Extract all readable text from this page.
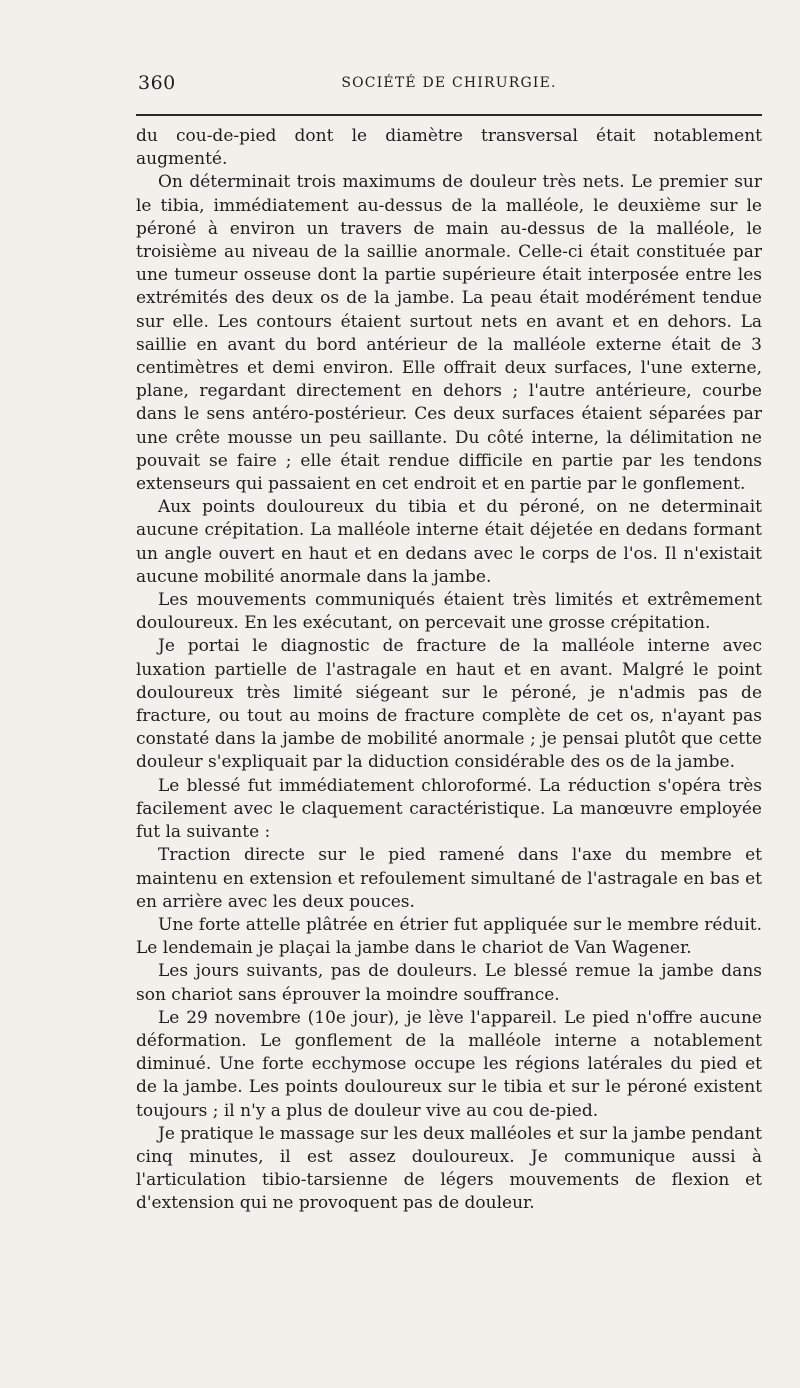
360	SOCIÉTÉ DE CHIRURGIE.

du cou-de-pied dont le diamètre transversal était notablement augmenté.

On déterminait trois maximums de douleur très nets. Le premier sur le tibia, immédiatement au-dessus de la malléole, le deuxième sur le péroné à environ un travers de main au-dessus de la malléole, le troisième au niveau de la saillie anormale. Celle-ci était constituée par une tumeur osseuse dont la partie supérieure était interposée entre les extrémités des deux os de la jambe. La peau était modérément tendue sur elle. Les contours étaient surtout nets en avant et en dehors. La saillie en avant du bord antérieur de la malléole externe était de 3 centimètres et demi environ. Elle offrait deux surfaces, l'une externe, plane, regardant directement en dehors ; l'autre antérieure, courbe dans le sens antéro-postérieur. Ces deux surfaces étaient séparées par une crête mousse un peu saillante. Du côté interne, la délimitation ne pouvait se faire ; elle était rendue difficile en partie par les tendons extenseurs qui passaient en cet endroit et en partie par le gonflement.

Aux points douloureux du tibia et du péroné, on ne determinait aucune crépitation. La malléole interne était déjetée en dedans formant un angle ouvert en haut et en dedans avec le corps de l'os. Il n'existait aucune mobilité anormale dans la jambe.

Les mouvements communiqués étaient très limités et extrêmement douloureux. En les exécutant, on percevait une grosse crépitation.

Je portai le diagnostic de fracture de la malléole interne avec luxation partielle de l'astragale en haut et en avant. Malgré le point douloureux très limité siégeant sur le péroné, je n'admis pas de fracture, ou tout au moins de fracture complète de cet os, n'ayant pas constaté dans la jambe de mobilité anormale ; je pensai plutôt que cette douleur s'expliquait par la diduction considérable des os de la jambe.

Le blessé fut immédiatement chloroformé. La réduction s'opéra très facilement avec le claquement caractéristique. La manœuvre employée fut la suivante :

Traction directe sur le pied ramené dans l'axe du membre et maintenu en extension et refoulement simultané de l'astragale en bas et en arrière avec les deux pouces.

Une forte attelle plâtrée en étrier fut appliquée sur le membre réduit. Le lendemain je plaçai la jambe dans le chariot de Van Wagener.

Les jours suivants, pas de douleurs. Le blessé remue la jambe dans son chariot sans éprouver la moindre souffrance.

Le 29 novembre (10e jour), je lève l'appareil. Le pied n'offre aucune déformation. Le gonflement de la malléole interne a notablement diminué. Une forte ecchymose occupe les régions latérales du pied et de la jambe. Les points douloureux sur le tibia et sur le péroné existent toujours ; il n'y a plus de douleur vive au cou de-pied.

Je pratique le massage sur les deux malléoles et sur la jambe pendant cinq minutes, il est assez douloureux. Je communique aussi à l'articulation tibio-tarsienne de légers mouvements de flexion et d'extension qui ne provoquent pas de douleur.
